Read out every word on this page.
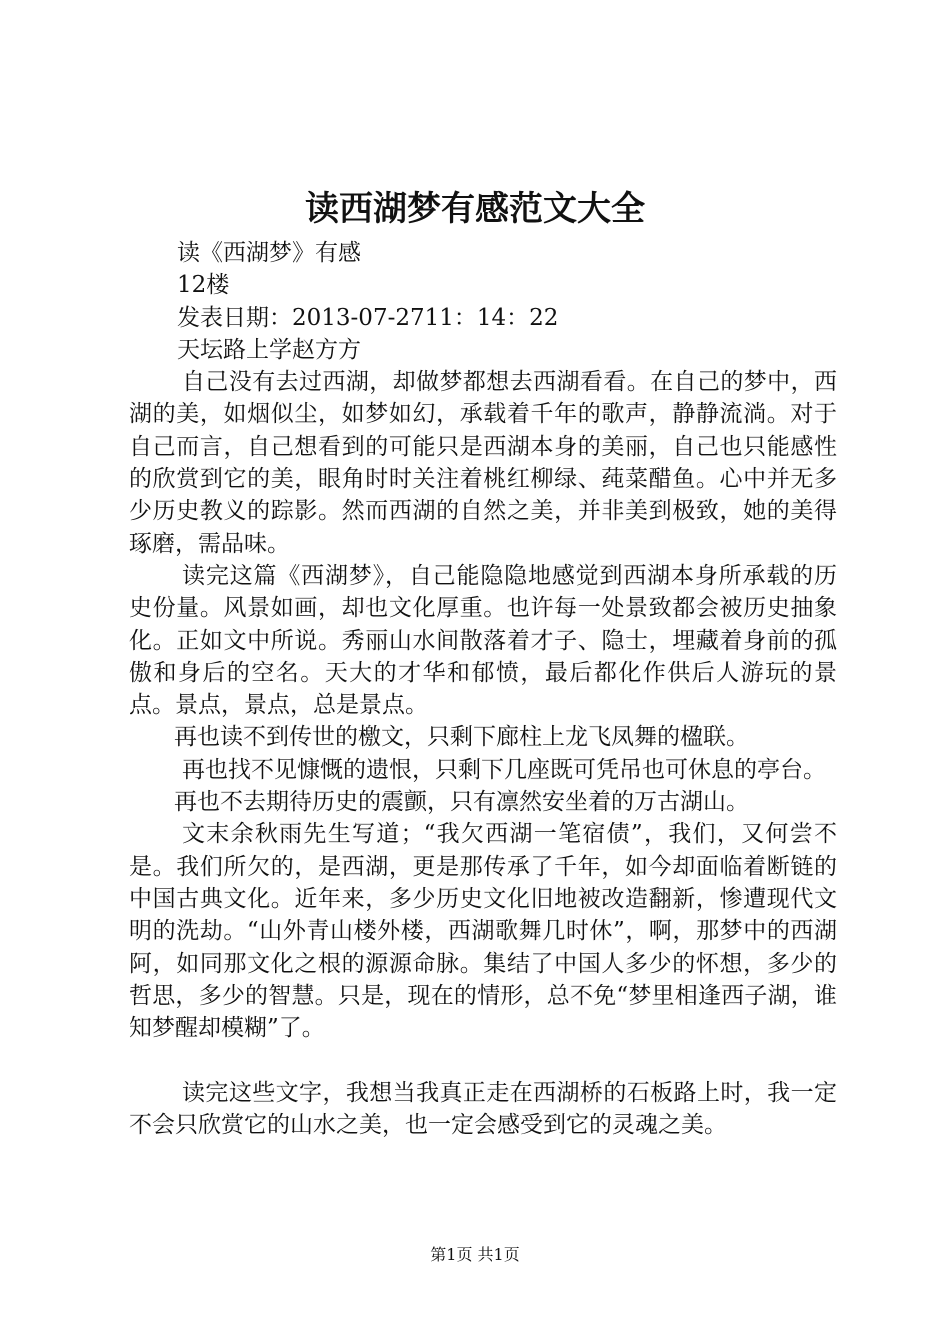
读西湖梦有感范文大全
读《西湖梦》有感
12楼
发表日期：2013-07-2711：14：22
天坛路上学赵方方
自己没有去过西湖，却做梦都想去西湖看看。在自己的梦中，西湖的美，如烟似尘，如梦如幻，承载着千年的歌声，静静流淌。对于自己而言，自己想看到的可能只是西湖本身的美丽，自己也只能感性的欣赏到它的美，眼角时时关注着桃红柳绿、莼菜醋鱼。心中并无多少历史教义的踪影。然而西湖的自然之美，并非美到极致，她的美得琢磨，需品味。
读完这篇《西湖梦》，自己能隐隐地感觉到西湖本身所承载的历史份量。风景如画，却也文化厚重。也许每一处景致都会被历史抽象化。正如文中所说。秀丽山水间散落着才子、隐士，埋藏着身前的孤傲和身后的空名。天大的才华和郁愤，最后都化作供后人游玩的景点。景点，景点，总是景点。
再也读不到传世的檄文，只剩下廊柱上龙飞凤舞的楹联。
再也找不见慷慨的遗恨，只剩下几座既可凭吊也可休息的亭台。
再也不去期待历史的震颤，只有凛然安坐着的万古湖山。
文末余秋雨先生写道；“我欠西湖一笔宿债”，我们，又何尝不是。我们所欠的，是西湖，更是那传承了千年，如今却面临着断链的中国古典文化。近年来，多少历史文化旧地被改造翻新，惨遭现代文明的洗劫。“山外青山楼外楼，西湖歌舞几时休”，啊，那梦中的西湖阿，如同那文化之根的源源命脉。集结了中国人多少的怀想，多少的哲思，多少的智慧。只是，现在的情形，总不免“梦里相逢西子湖，谁知梦醒却模糊”了。
读完这些文字，我想当我真正走在西湖桥的石板路上时，我一定不会只欣赏它的山水之美，也一定会感受到它的灵魂之美。
第1页 共1页
